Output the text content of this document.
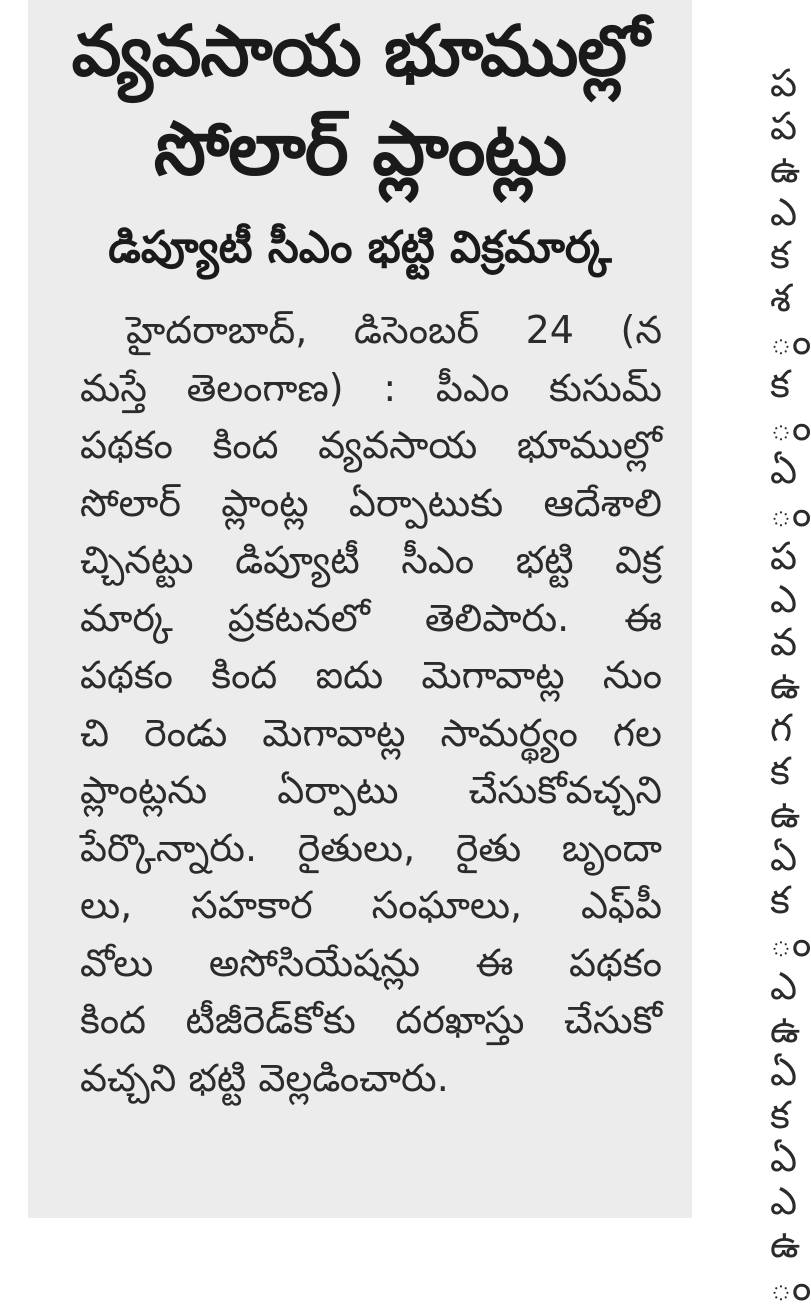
వ్యవసాయ భూముల్లో
సోలార్ ప్లాంట్లు
డిప్యూటీ సీఎం భట్టి విక్రమార్క
హైదరాబాద్, డిసెంబర్ 24 (న
మస్తే తెలంగాణ) : పీఎం కుసుమ్
పథకం కింద వ్యవసాయ భూముల్లో
సోలార్ ప్లాంట్ల ఏర్పాటుకు ఆదేశాలి
చ్చినట్టు డిప్యూటీ సీఎం భట్టి విక్ర
మార్క ప్రకటనలో తెలిపారు. ఈ
పథకం కింద ఐదు మెగావాట్ల నుం
చి రెండు మెగావాట్ల సామర్థ్యం గల
ప్లాంట్లను ఏర్పాటు చేసుకోవచ్చని
పేర్కొన్నారు. రైతులు, రైతు బృందా
లు, సహకార సంఘాలు, ఎఫ్‌పీ
వోలు అసోసియేషన్లు ఈ పథకం
కింద టీజీరెడ్‌కోకు దరఖాస్తు చేసుకో
వచ్చని భట్టి వెల్లడించారు.
ప
ప
ఉ
ఎ
క
శ
ం
క
ం
ఏ
ం
ప
ఎ
వ
ఉ
గ
క
ఉ
ఏ
క
ం
ఎ
ఉ
ఏ
క
ఏ
ఎ
ఉ
ం
